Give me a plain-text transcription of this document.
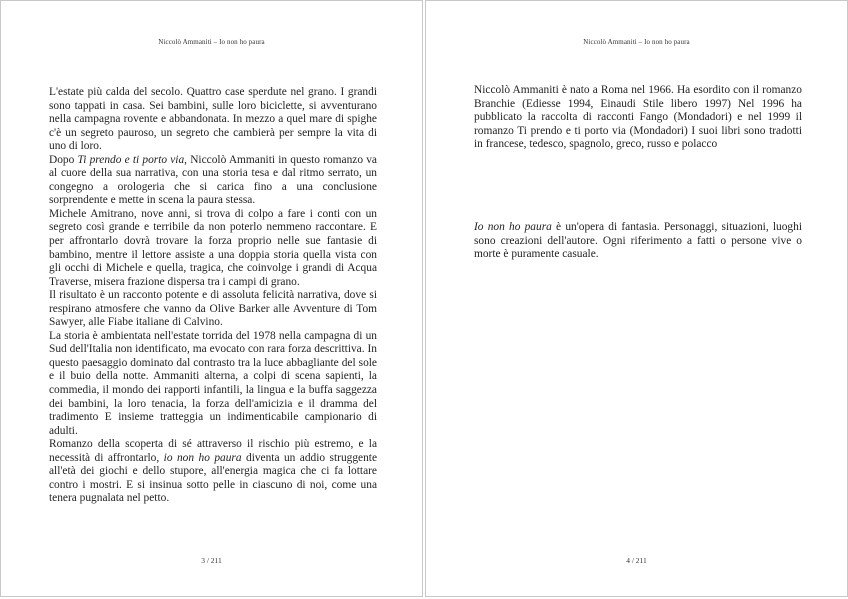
Niccolò Ammaniti – Io non ho paura

L'estate più calda del secolo. Quattro case sperdute nel grano. I grandi sono tappati in casa. Sei bambini, sulle loro biciclette, si avventurano nella campagna rovente e abbandonata. In mezzo a quel mare di spighe c'è un segreto pauroso, un segreto che cambierà per sempre la vita di uno di loro.

Dopo Ti prendo e ti porto via, Niccolò Ammaniti in questo romanzo va al cuore della sua narrativa, con una storia tesa e dal ritmo serrato, un congegno a orologeria che si carica fino a una conclusione sorprendente e mette in scena la paura stessa.

Michele Amitrano, nove anni, si trova di colpo a fare i conti con un segreto così grande e terribile da non poterlo nemmeno raccontare. E per affrontarlo dovrà trovare la forza proprio nelle sue fantasie di bambino, mentre il lettore assiste a una doppia storia quella vista con gli occhi di Michele e quella, tragica, che coinvolge i grandi di Acqua Traverse, misera frazione dispersa tra i campi di grano.

Il risultato è un racconto potente e di assoluta felicità narrativa, dove si respirano atmosfere che vanno da Olive Barker alle Avventure di Tom Sawyer, alle Fiabe italiane di Calvino.

La storia è ambientata nell'estate torrida del 1978 nella campagna di un Sud dell'Italia non identificato, ma evocato con rara forza descrittiva. In questo paesaggio dominato dal contrasto tra la luce abbagliante del sole e il buio della notte. Ammaniti alterna, a colpi di scena sapienti, la commedia, il mondo dei rapporti infantili, la lingua e la buffa saggezza dei bambini, la loro tenacia, la forza dell'amicizia e il dramma del tradimento E insieme tratteggia un indimenticabile campionario di adulti.

Romanzo della scoperta di sé attraverso il rischio più estremo, e la necessità di affrontarlo, io non ho paura diventa un addio struggente all'età dei giochi e dello stupore, all'energia magica che ci fa lottare contro i mostri. E si insinua sotto pelle in ciascuno di noi, come una tenera pugnalata nel petto.

3 / 211
Niccolò Ammaniti – Io non ho paura

Niccolò Ammaniti è nato a Roma nel 1966. Ha esordito con il romanzo Branchie (Ediesse 1994, Einaudi Stile libero 1997) Nel 1996 ha pubblicato la raccolta di racconti Fango (Mondadori) e nel 1999 il romanzo Ti prendo e ti porto via (Mondadori) I suoi libri sono tradotti in francese, tedesco, spagnolo, greco, russo e polacco

Io non ho paura è un'opera di fantasia. Personaggi, situazioni, luoghi sono creazioni dell'autore. Ogni riferimento a fatti o persone vive o morte è puramente casuale.

4 / 211
